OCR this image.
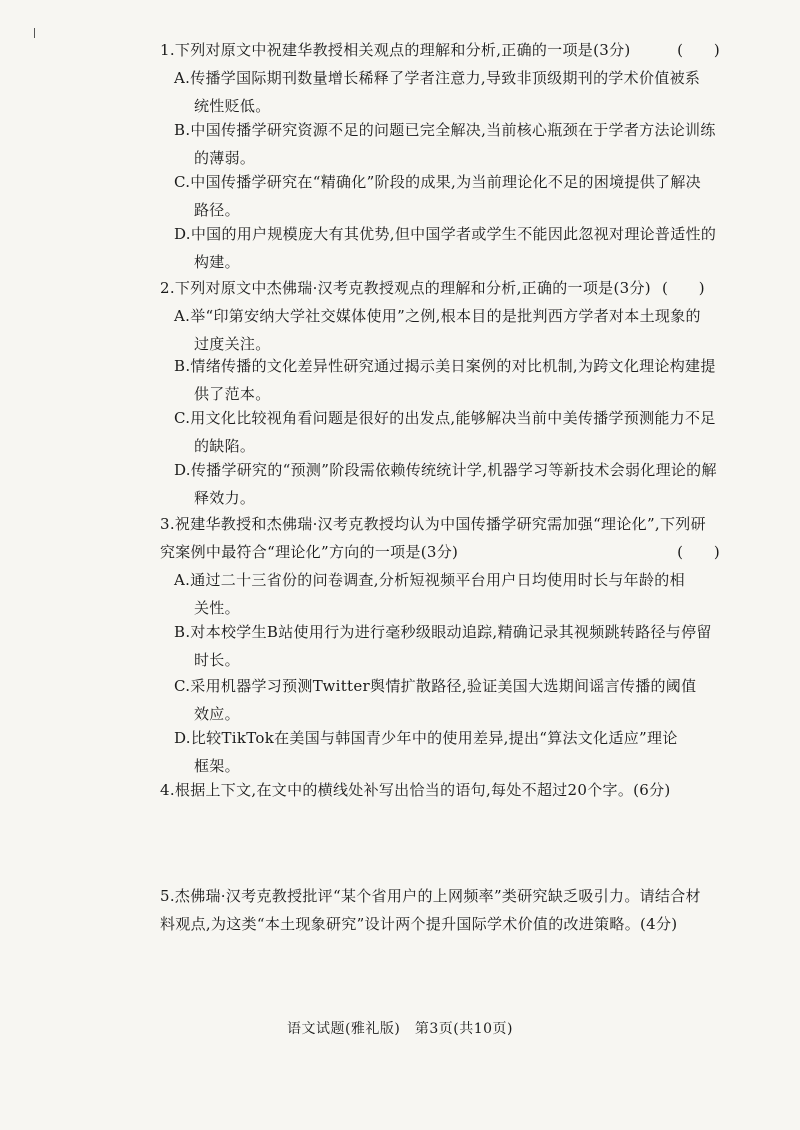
1.下列对原文中祝建华教授相关观点的理解和分析,正确的一项是(3分)	(　　)
A.传播学国际期刊数量增长稀释了学者注意力,导致非顶级期刊的学术价值被系
统性贬低。
B.中国传播学研究资源不足的问题已完全解决,当前核心瓶颈在于学者方法论训练
的薄弱。
C.中国传播学研究在“精确化”阶段的成果,为当前理论化不足的困境提供了解决
路径。
D.中国的用户规模庞大有其优势,但中国学者或学生不能因此忽视对理论普适性的
构建。
2.下列对原文中杰佛瑞·汉考克教授观点的理解和分析,正确的一项是(3分) (　　)
A.举“印第安纳大学社交媒体使用”之例,根本目的是批判西方学者对本土现象的
过度关注。
B.情绪传播的文化差异性研究通过揭示美日案例的对比机制,为跨文化理论构建提
供了范本。
C.用文化比较视角看问题是很好的出发点,能够解决当前中美传播学预测能力不足
的缺陷。
D.传播学研究的“预测”阶段需依赖传统统计学,机器学习等新技术会弱化理论的解
释效力。
3.祝建华教授和杰佛瑞·汉考克教授均认为中国传播学研究需加强“理论化”,下列研
究案例中最符合“理论化”方向的一项是(3分)	(　　)
A.通过二十三省份的问卷调查,分析短视频平台用户日均使用时长与年龄的相
关性。
B.对本校学生B站使用行为进行毫秒级眼动追踪,精确记录其视频跳转路径与停留
时长。
C.采用机器学习预测Twitter舆情扩散路径,验证美国大选期间谣言传播的阈值
效应。
D.比较TikTok在美国与韩国青少年中的使用差异,提出“算法文化适应”理论
框架。
4.根据上下文,在文中的横线处补写出恰当的语句,每处不超过20个字。(6分)
5.杰佛瑞·汉考克教授批评“某个省用户的上网频率”类研究缺乏吸引力。请结合材
料观点,为这类“本土现象研究”设计两个提升国际学术价值的改进策略。(4分)
语文试题(雅礼版)　第3页(共10页)
